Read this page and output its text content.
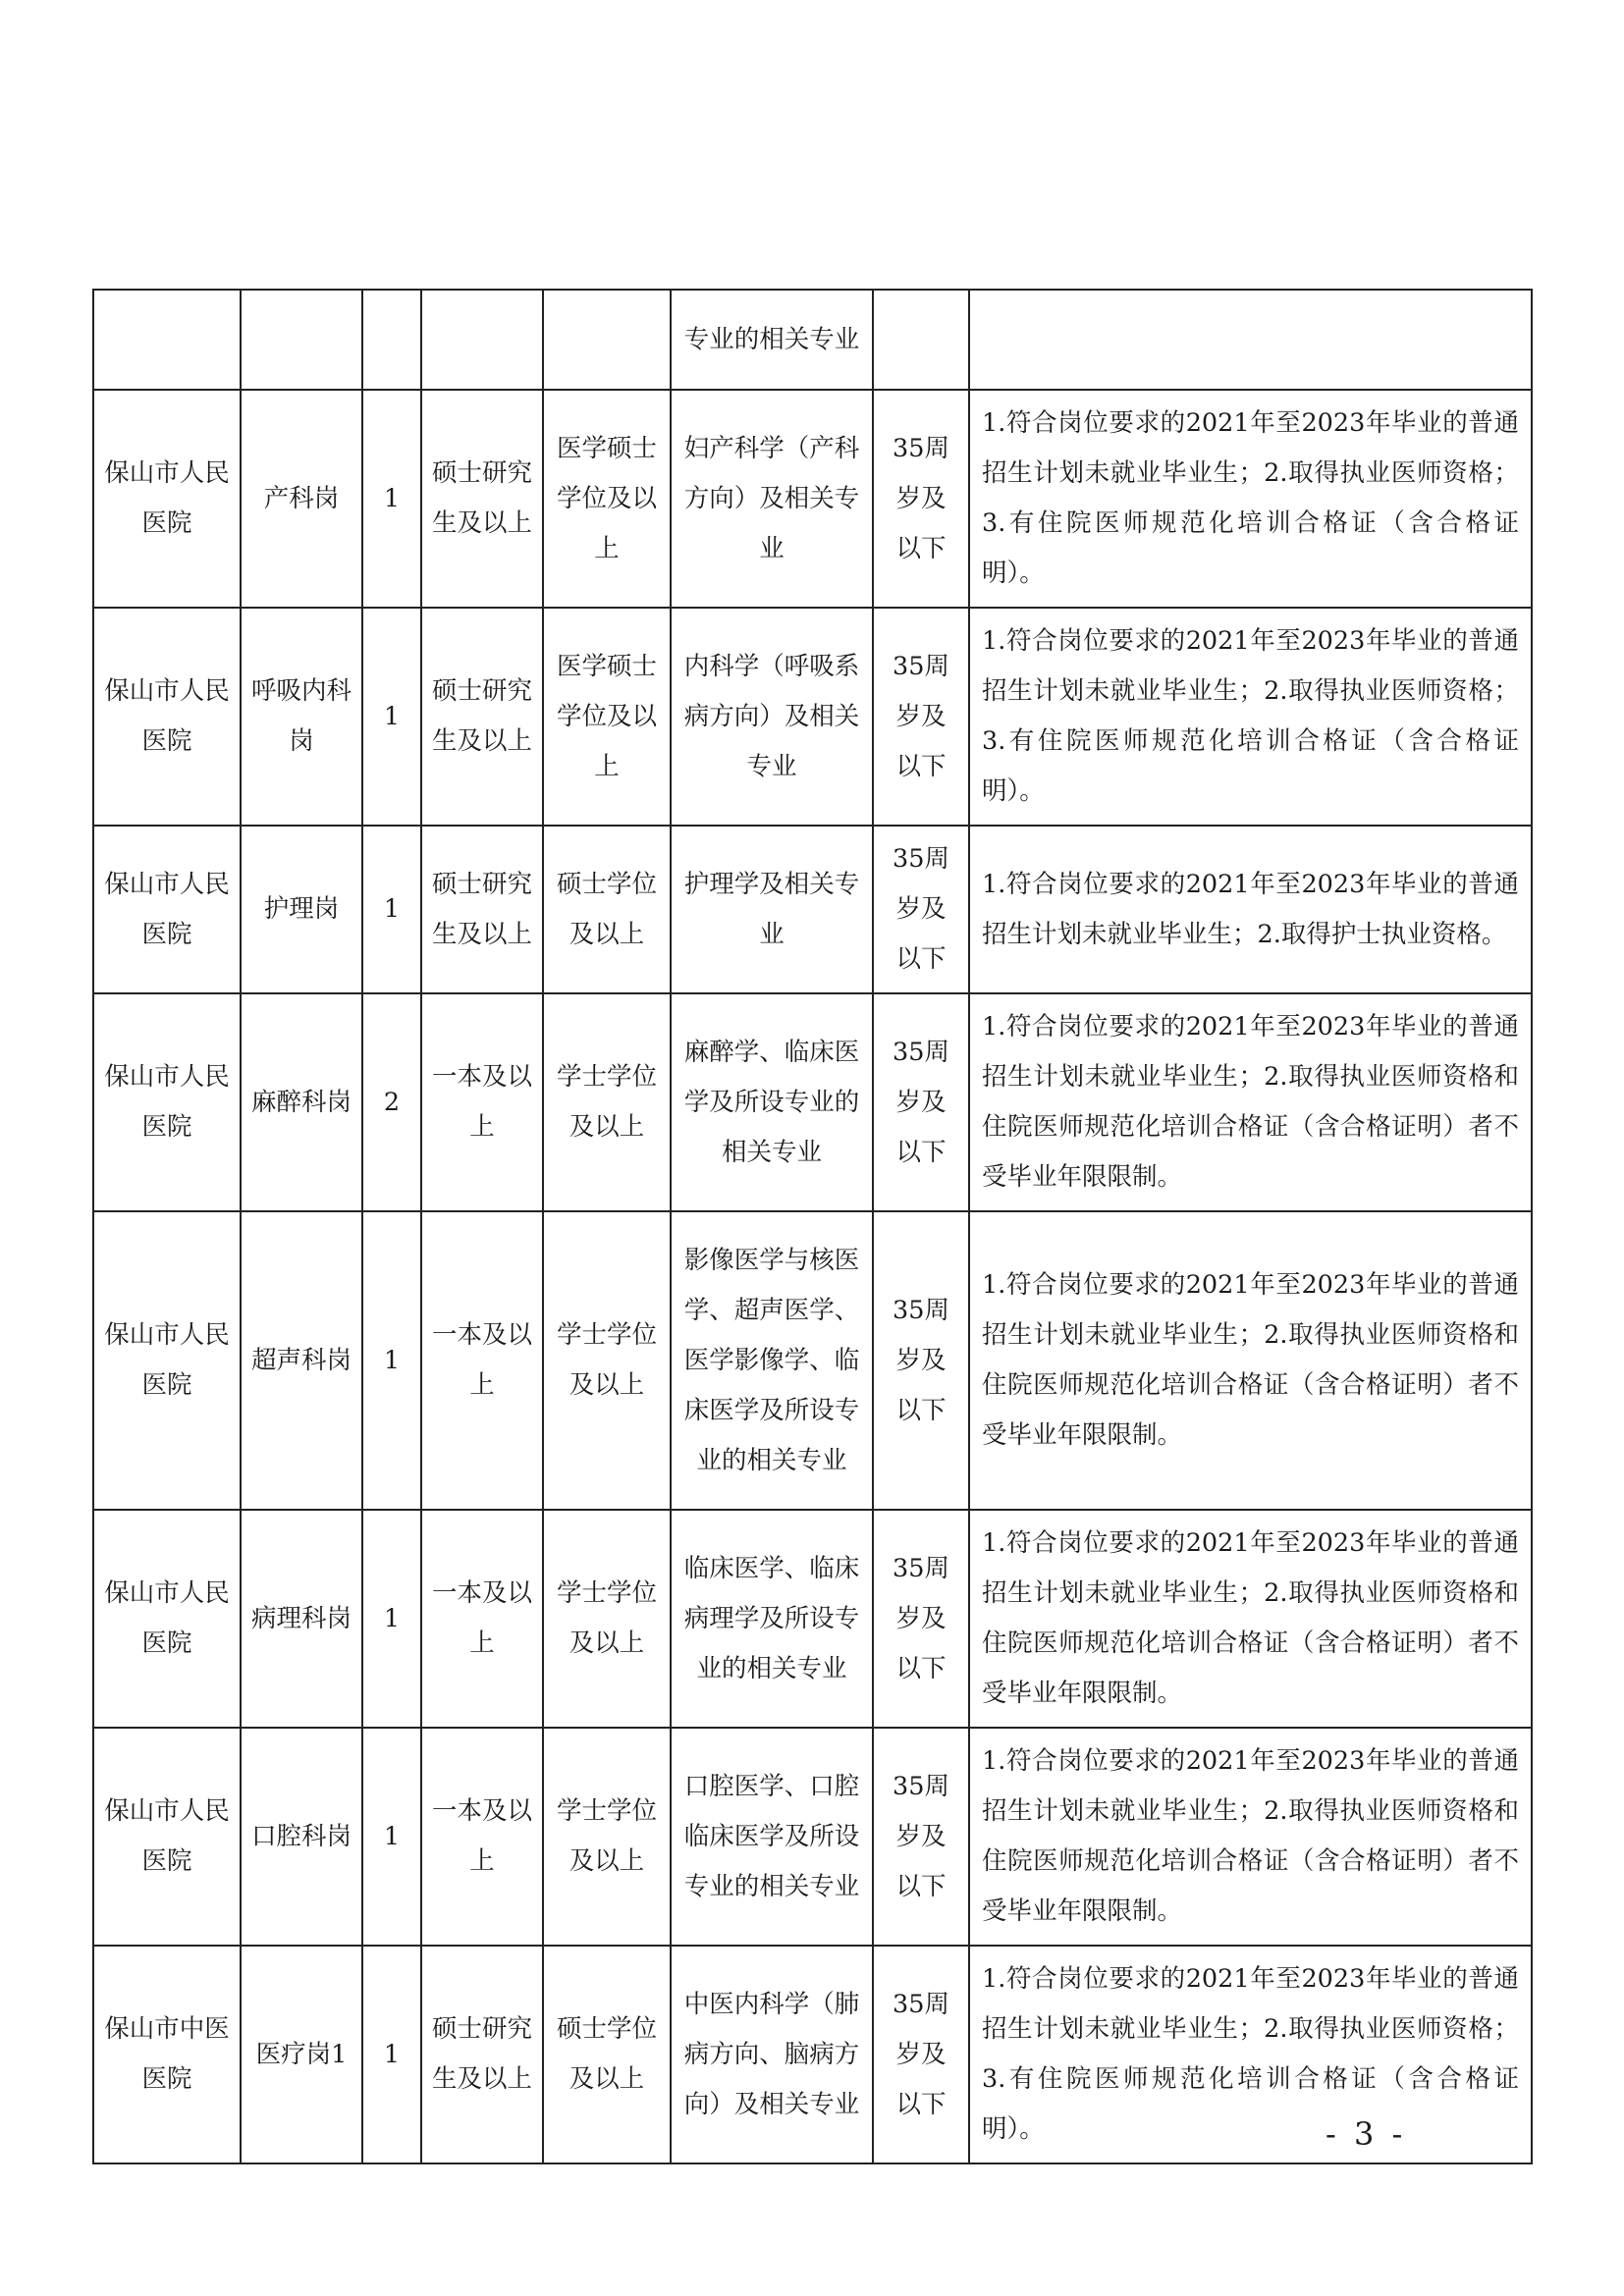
					专业的相关专业		
保山市人民医院	产科岗	1	硕士研究生及以上	医学硕士学位及以上	妇产科学（产科方向）及相关专业	35周岁及以下	1.符合岗位要求的2021年至2023年毕业的普通招生计划未就业毕业生；2.取得执业医师资格；3.有住院医师规范化培训合格证（含合格证明）。
保山市人民医院	呼吸内科岗	1	硕士研究生及以上	医学硕士学位及以上	内科学（呼吸系病方向）及相关专业	35周岁及以下	1.符合岗位要求的2021年至2023年毕业的普通招生计划未就业毕业生；2.取得执业医师资格；3.有住院医师规范化培训合格证（含合格证明）。
保山市人民医院	护理岗	1	硕士研究生及以上	硕士学位及以上	护理学及相关专业	35周岁及以下	1.符合岗位要求的2021年至2023年毕业的普通招生计划未就业毕业生；2.取得护士执业资格。
保山市人民医院	麻醉科岗	2	一本及以上	学士学位及以上	麻醉学、临床医学及所设专业的相关专业	35周岁及以下	1.符合岗位要求的2021年至2023年毕业的普通招生计划未就业毕业生；2.取得执业医师资格和住院医师规范化培训合格证（含合格证明）者不受毕业年限限制。
保山市人民医院	超声科岗	1	一本及以上	学士学位及以上	影像医学与核医学、超声医学、医学影像学、临床医学及所设专业的相关专业	35周岁及以下	1.符合岗位要求的2021年至2023年毕业的普通招生计划未就业毕业生；2.取得执业医师资格和住院医师规范化培训合格证（含合格证明）者不受毕业年限限制。
保山市人民医院	病理科岗	1	一本及以上	学士学位及以上	临床医学、临床病理学及所设专业的相关专业	35周岁及以下	1.符合岗位要求的2021年至2023年毕业的普通招生计划未就业毕业生；2.取得执业医师资格和住院医师规范化培训合格证（含合格证明）者不受毕业年限限制。
保山市人民医院	口腔科岗	1	一本及以上	学士学位及以上	口腔医学、口腔临床医学及所设专业的相关专业	35周岁及以下	1.符合岗位要求的2021年至2023年毕业的普通招生计划未就业毕业生；2.取得执业医师资格和住院医师规范化培训合格证（含合格证明）者不受毕业年限限制。
保山市中医医院	医疗岗1	1	硕士研究生及以上	硕士学位及以上	中医内科学（肺病方向、脑病方向）及相关专业	35周岁及以下	1.符合岗位要求的2021年至2023年毕业的普通招生计划未就业毕业生；2.取得执业医师资格；3.有住院医师规范化培训合格证（含合格证明）。	- 3 -
